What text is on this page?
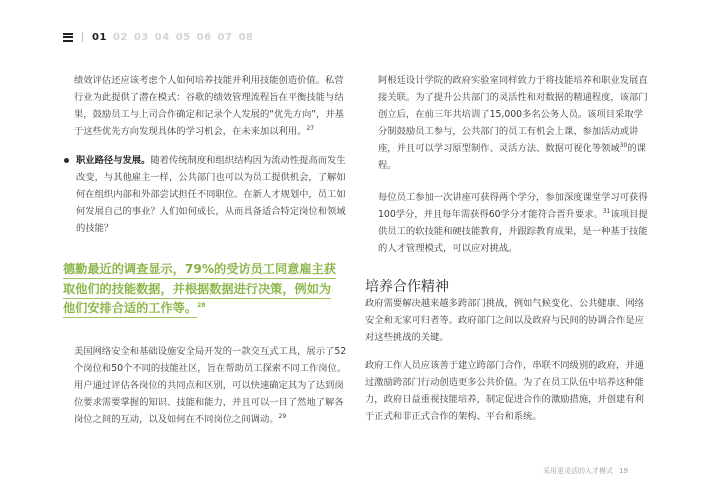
01 02 03 04 05 06 07 08

绩效评估还应该考虑个人如何培养技能并利用技能创造价值。私营行业为此提供了潜在模式：谷歌的绩效管理流程旨在平衡技能与结果，鼓励员工与上司合作确定和记录个人发展的“优先方向”，并基于这些优先方向发现具体的学习机会，在未来加以利用。$^{27}$

职业路径与发展。随着传统制度和组织结构因为流动性提高而发生改变，与其他雇主一样，公共部门也可以为员工提供机会，了解如何在组织内部和外部尝试担任不同职位。在新人才规划中，员工如何发展自己的事业？人们如何成长，从而具备适合特定岗位和领域的技能？

德勤最近的调查显示，79%的受访员工同意雇主获取他们的技能数据，并根据数据进行决策，例如为他们安排合适的工作等。$^{28}$

美国网络安全和基础设施安全局开发的一款交互式工具，展示了52个岗位和50个不同的技能社区，旨在帮助员工探索不同工作岗位。用户通过评估各岗位的共同点和区别，可以快速确定其为了达到岗位要求需要掌握的知识、技能和能力，并且可以一目了然地了解各岗位之间的互动，以及如何在不同岗位之间调动。$^{29}$

阿根廷设计学院的政府实验室同样致力于将技能培养和职业发展直接关联。为了提升公共部门的灵活性和对数据的精通程度，该部门创立后，在前三年共培训了15,000多名公务人员。该项目采取学分制鼓励员工参与，公共部门的员工有机会上课、参加活动或讲座，并且可以学习原型制作、灵活方法、数据可视化等领域$^{30}$的课程。

每位员工参加一次讲座可获得两个学分，参加深度课堂学习可获得100学分，并且每年需获得60学分才能符合晋升要求。$^{31}$该项目提供员工的软技能和硬技能教育，并跟踪教育成果，是一种基于技能的人才管理模式，可以应对挑战。

培养合作精神

政府需要解决越来越多跨部门挑战，例如气候变化、公共健康、网络安全和无家可归者等。政府部门之间以及政府与民间的协调合作是应对这些挑战的关键。

政府工作人员应该善于建立跨部门合作，串联不同级别的政府，并通过激励跨部门行动创造更多公共价值。为了在员工队伍中培养这种能力，政府日益重视技能培养，制定促进合作的激励措施，并创建有利于正式和非正式合作的架构、平台和系统。

采用更灵活的人才模式 19
